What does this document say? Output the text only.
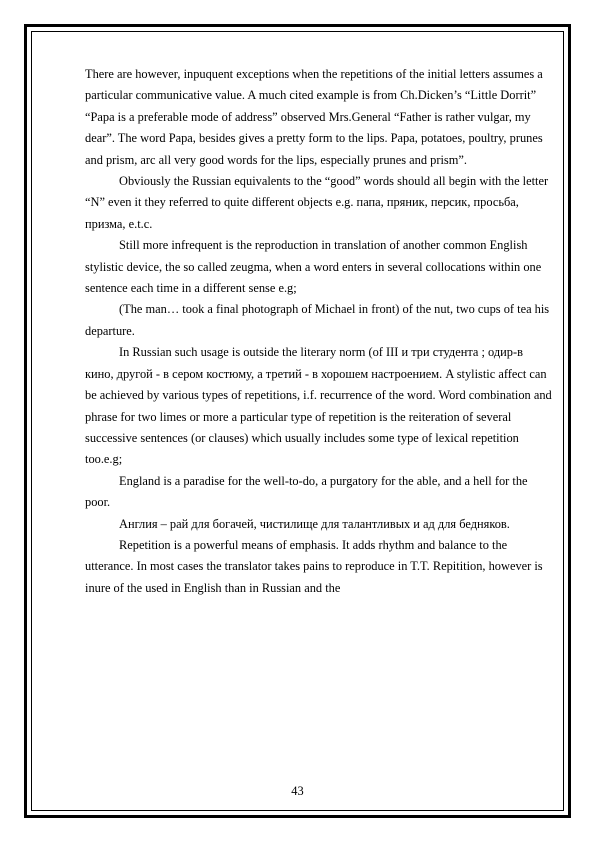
There are however, inpuquent exceptions when the repetitions of the initial letters assumes a particular communicative value. A much cited example is from Ch.Dicken’s “Little Dorrit” “Papa is a preferable mode of address” observed Mrs.General “Father is rather vulgar, my dear”. The word Papa, besides gives a pretty form to the lips. Papa, potatoes, poultry, prunes and prism, arc all very good words for the lips, especially prunes and prism”.

Obviously the Russian equivalents to the “good” words should all begin with the letter “N” even it they referred to quite different objects e.g. папа, пряник, персик, просьба, призма, e.t.c.

Still more infrequent is the reproduction in translation of another common English stylistic device, the so called zeugma, when a word enters in several collocations within one sentence each time in a different sense e.g;

(The man… took a final photograph of Michael in front) of the nut, two cups of tea his departure.

In Russian such usage is outside the literary norm (of III и три студента ; одир-в кино, другой - в сером костюму, а третий - в хорошем настроением. A stylistic affect can be achieved by various types of repetitions, i.f. recurrence of the word. Word combination and phrase for two limes or more a particular type of repetition is the reiteration of several successive sentences (or clauses) which usually includes some type of lexical repetition too.e.g;

England is a paradise for the well-to-do, a purgatory for the able, and a hell for the poor.

Англия – рай для богачей, чистилище для талантливых и ад для бедняков.

Repetition is a powerful means of emphasis. It adds rhythm and balance to the utterance. In most cases the translator takes pains to reproduce in T.T. Repitition, however is inure of the used in English than in Russian and the

43
